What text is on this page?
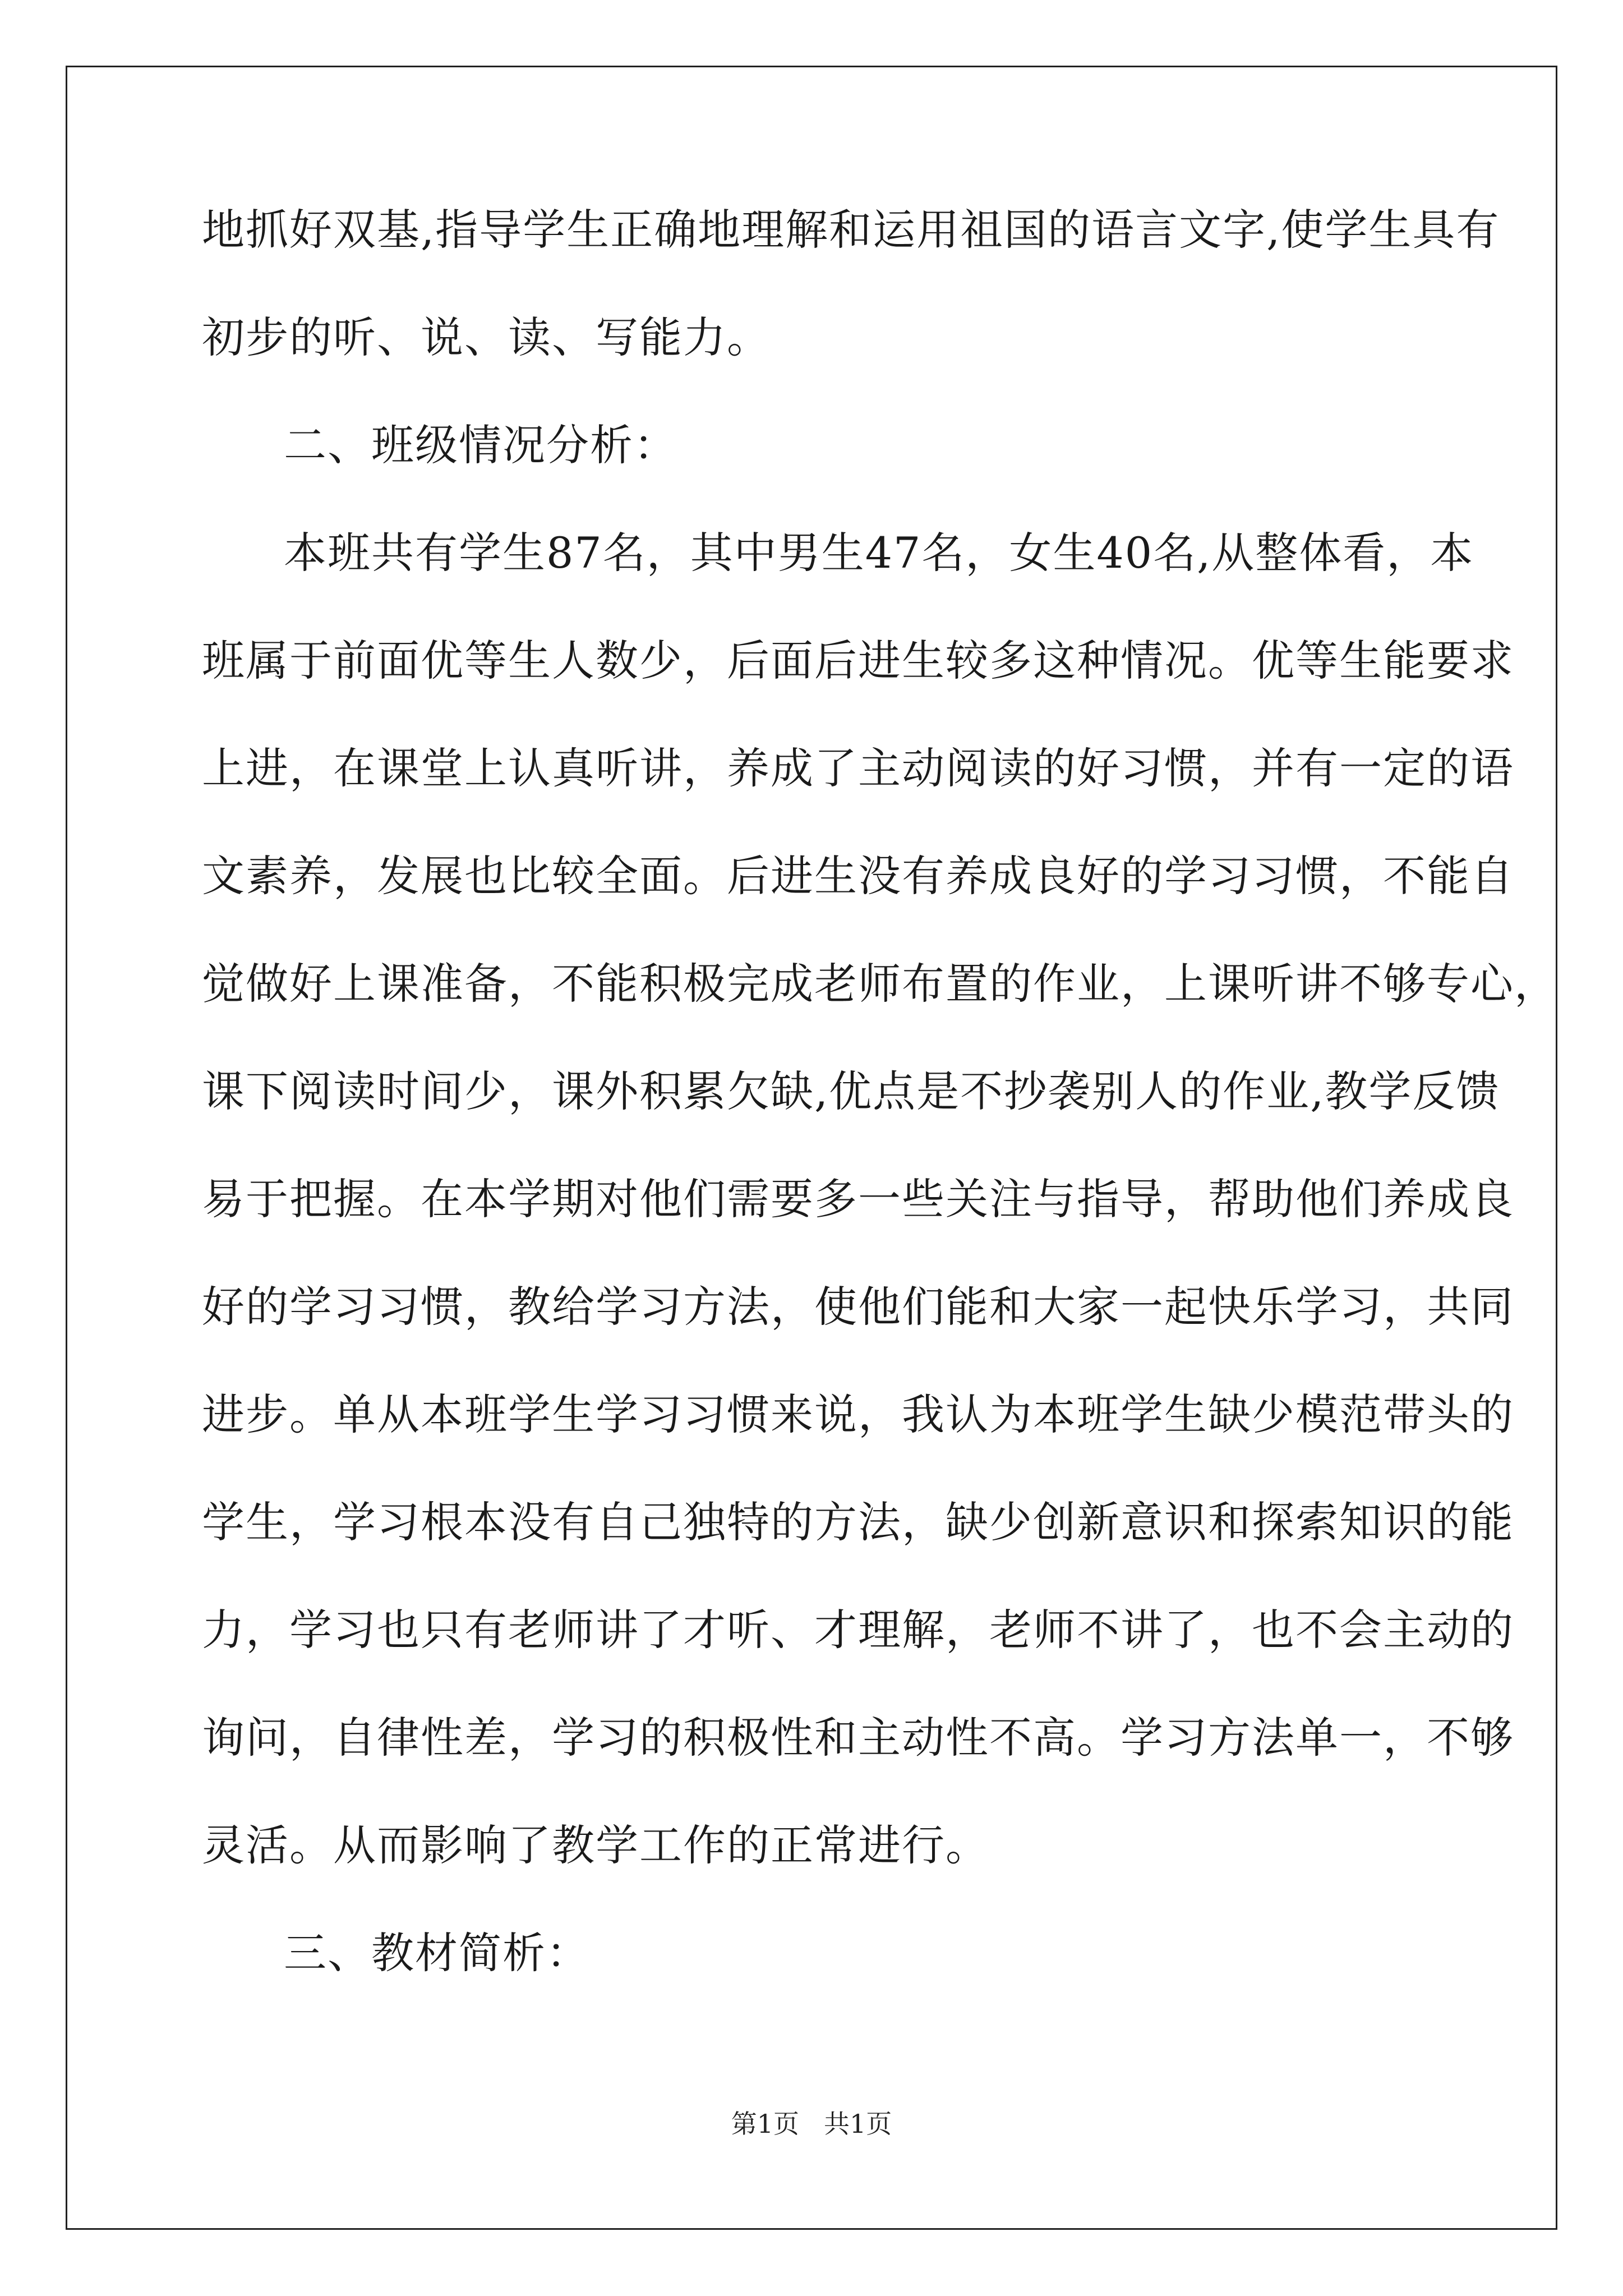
地抓好双基,指导学生正确地理解和运用祖国的语言文字,使学生具有
初步的听、说、读、写能力。
二、班级情况分析：
本班共有学生87名，其中男生47名，女生40名,从整体看，本
班属于前面优等生人数少，后面后进生较多这种情况。优等生能要求
上进，在课堂上认真听讲，养成了主动阅读的好习惯，并有一定的语
文素养，发展也比较全面。后进生没有养成良好的学习习惯，不能自
觉做好上课准备，不能积极完成老师布置的作业，上课听讲不够专心，
课下阅读时间少，课外积累欠缺,优点是不抄袭别人的作业,教学反馈
易于把握。在本学期对他们需要多一些关注与指导，帮助他们养成良
好的学习习惯，教给学习方法，使他们能和大家一起快乐学习，共同
进步。单从本班学生学习习惯来说，我认为本班学生缺少模范带头的
学生，学习根本没有自己独特的方法，缺少创新意识和探索知识的能
力，学习也只有老师讲了才听、才理解，老师不讲了，也不会主动的
询问，自律性差，学习的积极性和主动性不高。学习方法单一，不够
灵活。从而影响了教学工作的正常进行。
三、教材简析：
第1页 共1页
